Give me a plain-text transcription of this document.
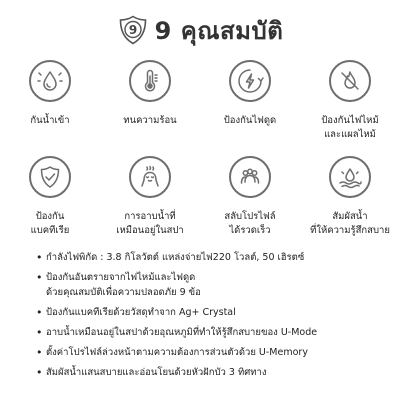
9 9 คุณสมบัติ
กันน้ำเข้า	ทนความร้อน	ป้องกันไฟดูด	ป้องกันไฟไหม้
และแผลไหม้
ป้องกัน
แบคทีเรีย
การอาบน้ำที่
เหมือนอยู่ในสปา
สลับโปรไฟล์
ได้รวดเร็ว
สัมผัสน้ำ
ที่ให้ความรู้สึกสบาย
• กำลังไฟพิกัด : 3.8 กิโลวัตต์ แหล่งจ่ายไฟ220 โวลต์, 50 เฮิรตซ์
• ป้องกันอันตรายจากไฟไหม้และไฟดูด
ด้วยคุณสมบัติเพื่อความปลอดภัย 9 ข้อ
• ป้องกันแบคทีเรียด้วยวัสดุทำจาก Ag+ Crystal
• อาบน้ำเหมือนอยู่ในสปาด้วยอุณหภูมิที่ทำให้รู้สึกสบายของ U-Mode
• ตั้งค่าโปรไฟล์ล่วงหน้าตามความต้องการส่วนตัวด้วย U-Memory
• สัมผัสน้ำแสนสบายและอ่อนโยนด้วยหัวฝักบัว 3 ทิศทาง
